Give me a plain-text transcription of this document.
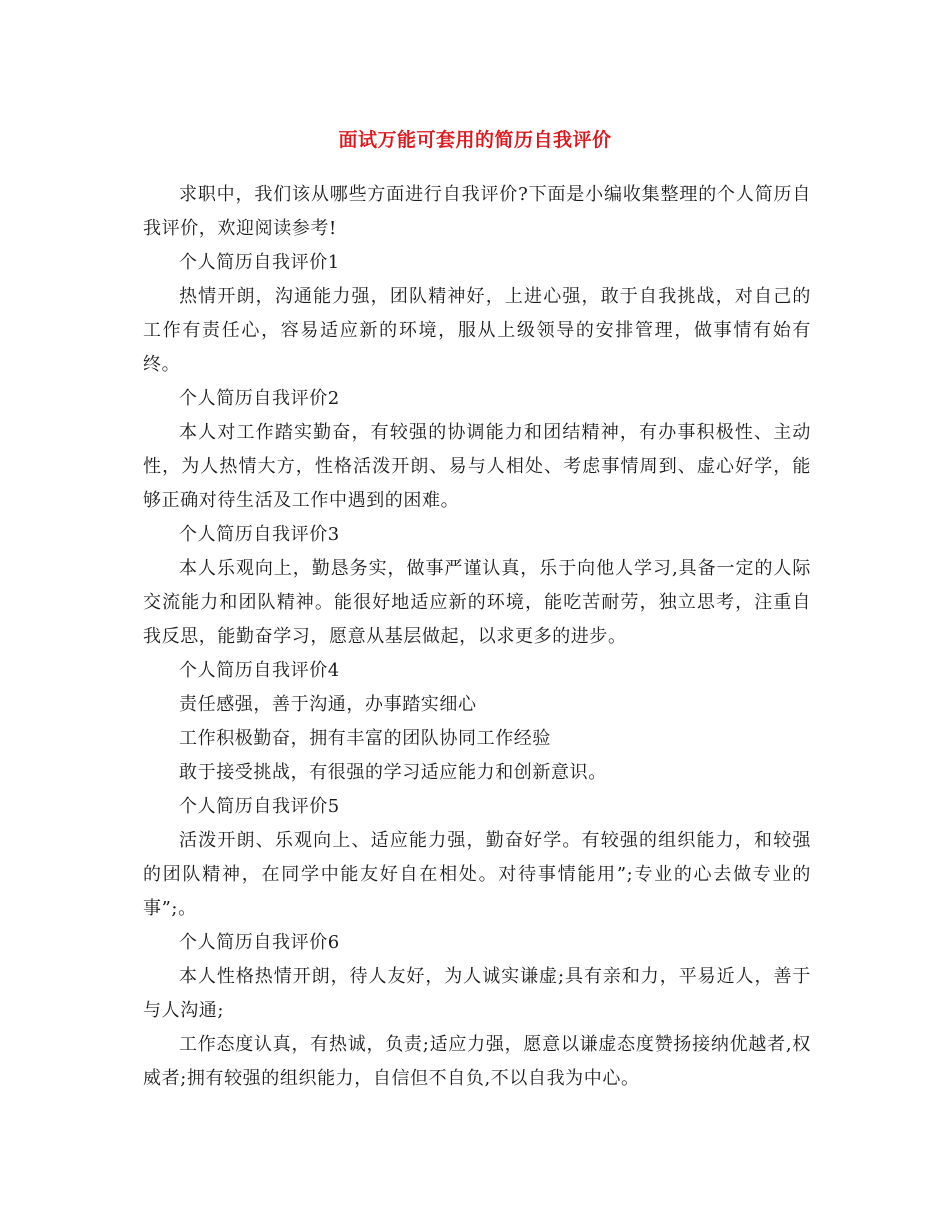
面试万能可套用的简历自我评价

求职中，我们该从哪些方面进行自我评价?下面是小编收集整理的个人简历自我评价，欢迎阅读参考!

个人简历自我评价1

热情开朗，沟通能力强，团队精神好，上进心强，敢于自我挑战，对自己的工作有责任心，容易适应新的环境，服从上级领导的安排管理，做事情有始有终。

个人简历自我评价2

本人对工作踏实勤奋，有较强的协调能力和团结精神，有办事积极性、主动性，为人热情大方，性格活泼开朗、易与人相处、考虑事情周到、虚心好学，能够正确对待生活及工作中遇到的困难。

个人简历自我评价3

本人乐观向上，勤恳务实，做事严谨认真，乐于向他人学习,具备一定的人际交流能力和团队精神。能很好地适应新的环境，能吃苦耐劳，独立思考，注重自我反思，能勤奋学习，愿意从基层做起，以求更多的进步。

个人简历自我评价4

责任感强，善于沟通，办事踏实细心

工作积极勤奋，拥有丰富的团队协同工作经验

敢于接受挑战，有很强的学习适应能力和创新意识。

个人简历自我评价5

活泼开朗、乐观向上、适应能力强，勤奋好学。有较强的组织能力，和较强的团队精神，在同学中能友好自在相处。对待事情能用”;专业的心去做专业的事”;。

个人简历自我评价6

本人性格热情开朗，待人友好，为人诚实谦虚;具有亲和力，平易近人，善于与人沟通;

工作态度认真，有热诚，负责;适应力强，愿意以谦虚态度赞扬接纳优越者,权威者;拥有较强的组织能力，自信但不自负,不以自我为中心。
